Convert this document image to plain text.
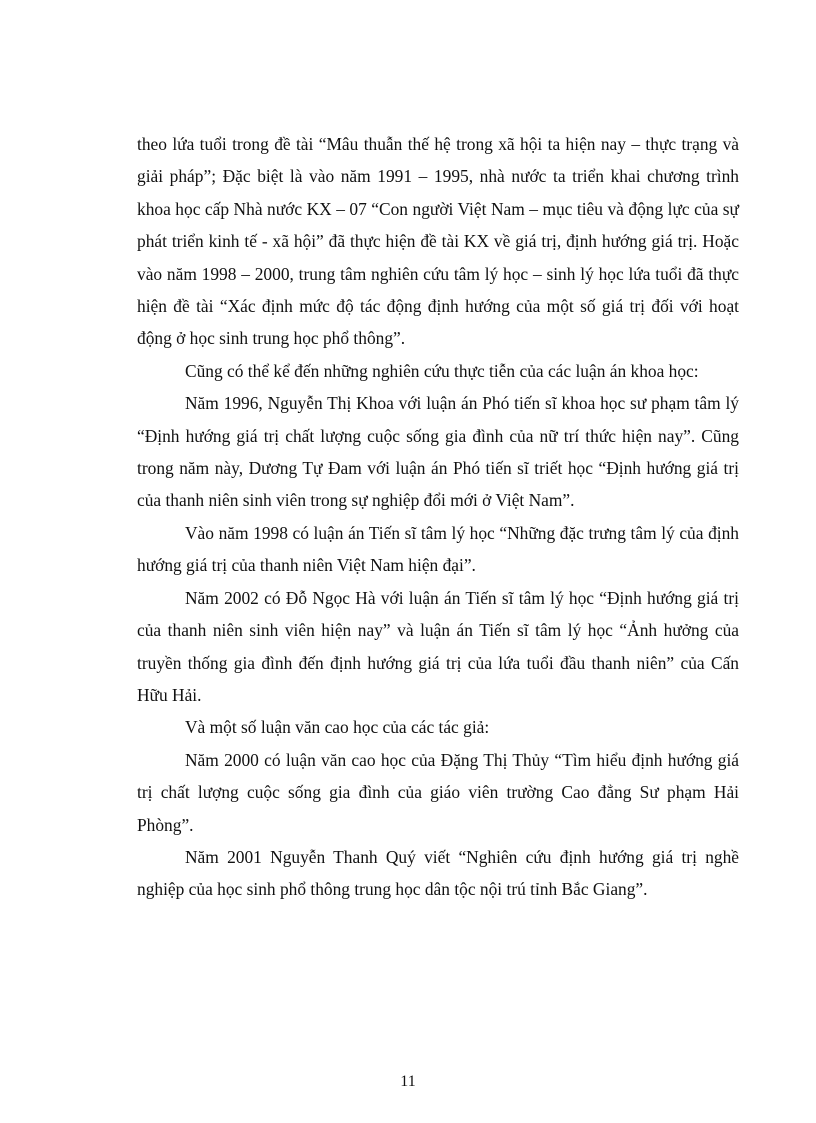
theo lứa tuổi trong đề tài “Mâu thuẫn thế hệ trong xã hội ta hiện nay – thực trạng và giải pháp”; Đặc biệt là vào năm 1991 – 1995, nhà nước ta triển khai chương trình khoa học cấp Nhà nước KX – 07 “Con người Việt Nam – mục tiêu và động lực của sự phát triển kinh tế - xã hội” đã thực hiện đề tài KX về giá trị, định hướng giá trị. Hoặc vào năm 1998 – 2000, trung tâm nghiên cứu tâm lý học – sinh lý học lứa tuổi đã thực hiện đề tài “Xác định mức độ tác động định hướng của một số giá trị đối với hoạt động ở học sinh trung học phổ thông”.

Cũng có thể kể đến những nghiên cứu thực tiễn của các luận án khoa học:

Năm 1996, Nguyễn Thị Khoa với luận án Phó tiến sĩ khoa học sư phạm tâm lý “Định hướng giá trị chất lượng cuộc sống gia đình của nữ trí thức hiện nay”. Cũng trong năm này, Dương Tự Đam với luận án Phó tiến sĩ triết học “Định hướng giá trị của thanh niên sinh viên trong sự nghiệp đổi mới ở Việt Nam”.

Vào năm 1998 có luận án Tiến sĩ tâm lý học “Những đặc trưng tâm lý của định hướng giá trị của thanh niên Việt Nam hiện đại”.

Năm 2002 có Đỗ Ngọc Hà với luận án Tiến sĩ tâm lý học “Định hướng giá trị của thanh niên sinh viên hiện nay” và luận án Tiến sĩ tâm lý học “Ảnh hưởng của truyền thống gia đình đến định hướng giá trị của lứa tuổi đầu thanh niên” của Cấn Hữu Hải.

Và một số luận văn cao học của các tác giả:

Năm 2000 có luận văn cao học của Đặng Thị Thủy “Tìm hiểu định hướng giá trị chất lượng cuộc sống gia đình của giáo viên trường Cao đẳng Sư phạm Hải Phòng”.

Năm 2001 Nguyễn Thanh Quý viết “Nghiên cứu định hướng giá trị nghề nghiệp của học sinh phổ thông trung học dân tộc nội trú tỉnh Bắc Giang”.

11
